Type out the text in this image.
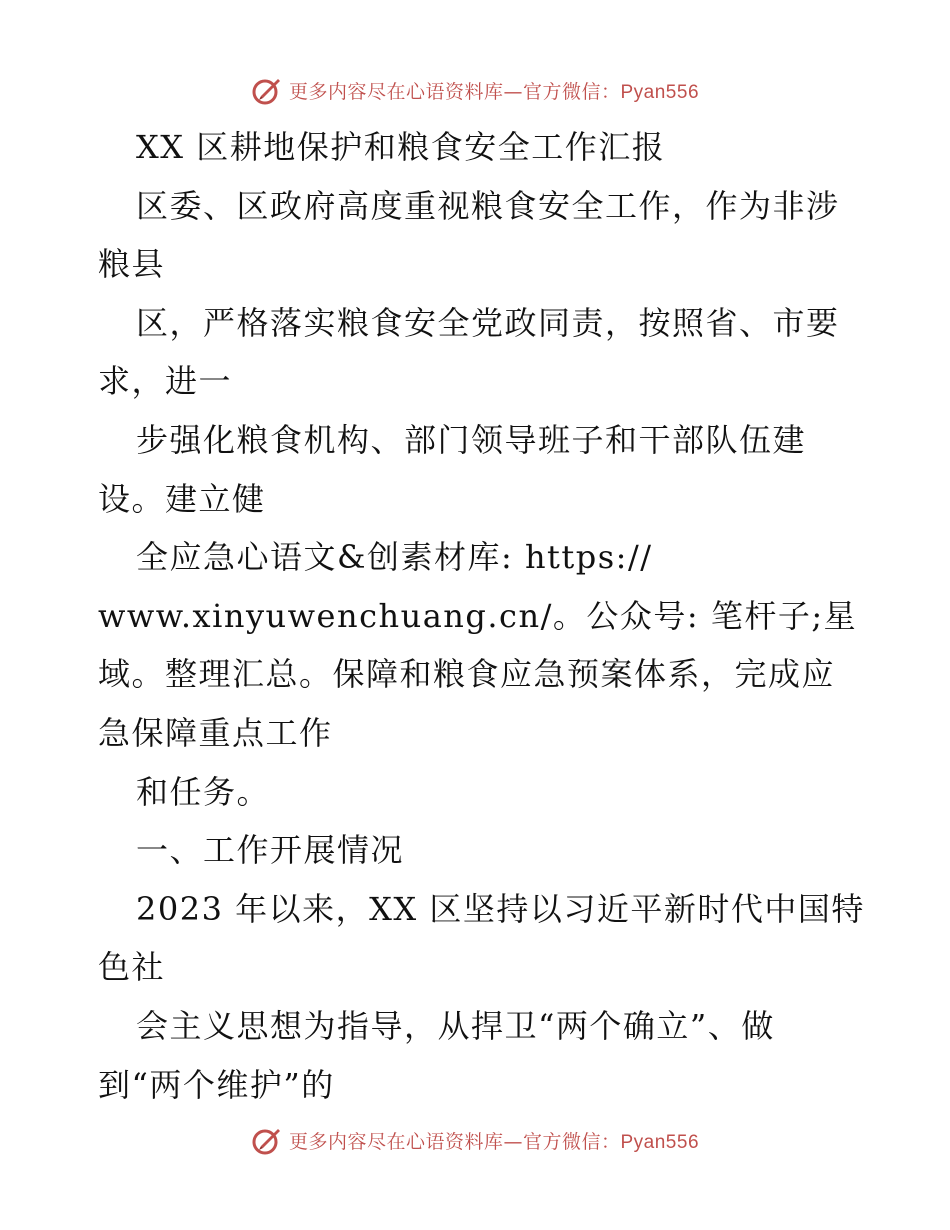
更多内容尽在心语资料库—官方微信：Pyan556
XX 区耕地保护和粮食安全工作汇报
区委、区政府高度重视粮食安全工作，作为非涉
粮县
区，严格落实粮食安全党政同责，按照省、市要
求，进一
步强化粮食机构、部门领导班子和干部队伍建
设。建立健
全应急心语文&创素材库: https://
www.xinyuwenchuang.cn/。公众号: 笔杆子;星
域。整理汇总。保障和粮食应急预案体系，完成应
急保障重点工作
和任务。
一、工作开展情况
2023 年以来，XX 区坚持以习近平新时代中国特
色社
会主义思想为指导，从捍卫“两个确立”、做
到“两个维护”的
更多内容尽在心语资料库—官方微信：Pyan556
